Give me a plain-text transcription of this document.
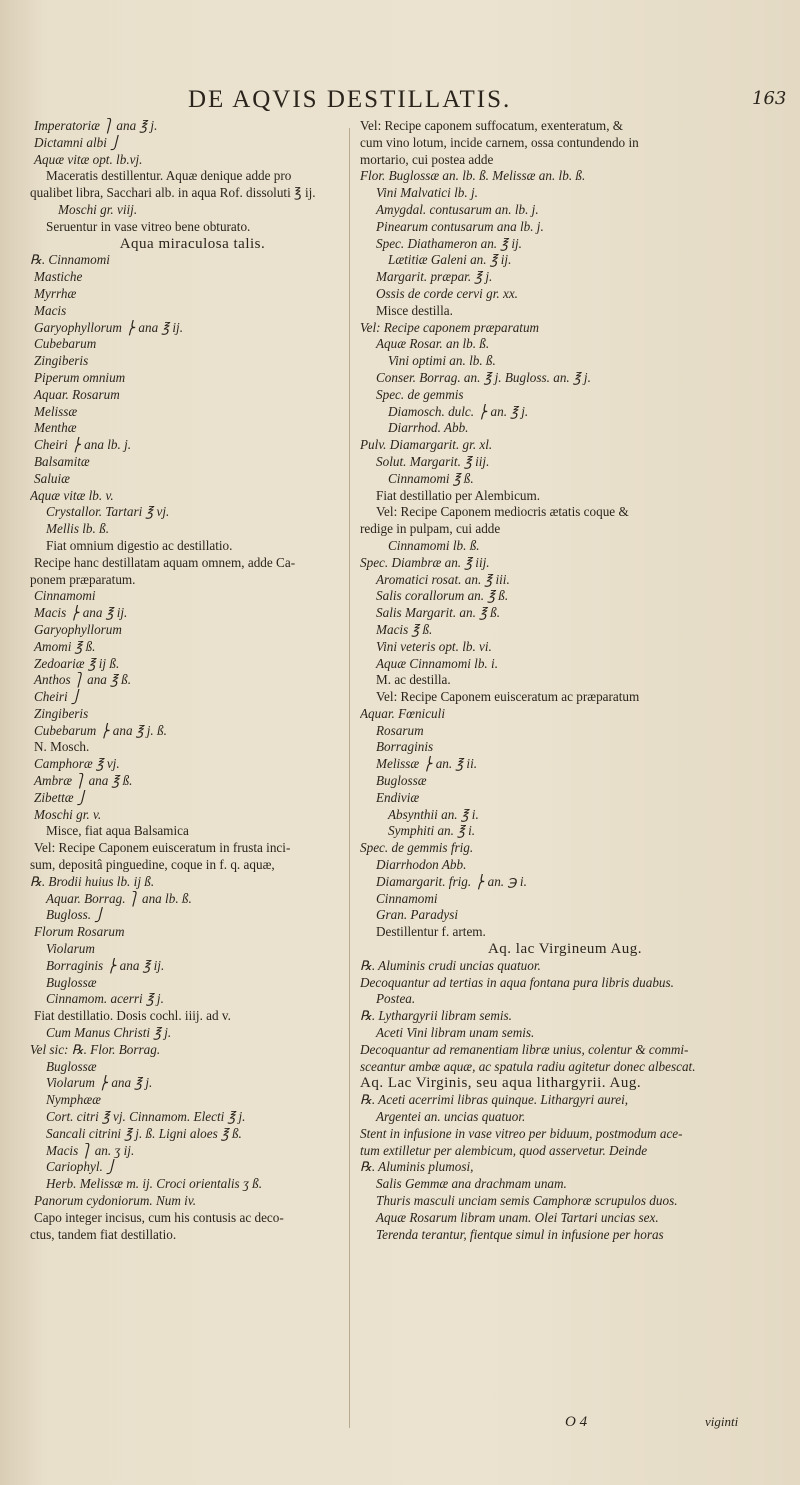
DE AQVIS DESTILLATIS.	163
Imperatoriæ ⎫ ana ℥ j.
Dictamni albi ⎭
Aquæ vitæ opt. lb.vj.
Maceratis destillentur. Aquæ denique adde pro
qualibet libra, Sacchari alb. in aqua Rof. dissoluti ℥ ij.
Moschi gr. viij.
Seruentur in vase vitreo bene obturato.
Aqua miraculosa talis.
℞. Cinnamomi
Mastiche
Myrrhæ
Macis
Garyophyllorum ⎬ ana ℥ ij.
Cubebarum
Zingiberis
Piperum omnium
Aquar. Rosarum
Melissæ
Menthæ
Cheiri ⎬ ana lb. j.
Balsamitæ
Saluiæ
Aquæ vitæ lb. v.
Crystallor. Tartari ℥ vj.
Mellis lb. ß.
Fiat omnium digestio ac destillatio.
Recipe hanc destillatam aquam omnem, adde Ca-
ponem præparatum.
Cinnamomi
Macis ⎬ ana ℥ ij.
Garyophyllorum
Amomi ℥ ß.
Zedoariæ ℥ ij ß.
Anthos ⎫ ana ℥ ß.
Cheiri ⎭
Zingiberis
Cubebarum ⎬ ana ℥ j. ß.
N. Mosch.
Camphoræ ℥ vj.
Ambræ ⎫ ana ℥ ß.
Zibettæ ⎭
Moschi gr. v.
Misce, fiat aqua Balsamica
Vel: Recipe Caponem euisceratum in frusta inci-
sum, depositâ pinguedine, coque in f. q. aquæ,
℞. Brodii huius lb. ij ß.
Aquar. Borrag. ⎫ ana lb. ß.
Bugloss. ⎭
Florum Rosarum
Violarum
Borraginis ⎬ ana ℥ ij.
Buglossæ
Cinnamom. acerri ℥ j.
Fiat destillatio. Dosis cochl. iiij. ad v.
Cum Manus Christi ℥ j.
Vel sic: ℞. Flor. Borrag.
Buglossæ
Violarum ⎬ ana ℥ j.
Nymphææ
Cort. citri ℥ vj. Cinnamom. Electi ℥ j.
Sancali citrini ℥ j. ß. Ligni aloes ℥ ß.
Macis ⎫ an. ʒ ij.
Cariophyl. ⎭
Herb. Melissæ m. ij. Croci orientalis ʒ ß.
Panorum cydoniorum. Num iv.
Capo integer incisus, cum his contusis ac deco-
ctus, tandem fiat destillatio.
Vel: Recipe caponem suffocatum, exenteratum, &
cum vino lotum, incide carnem, ossa contundendo in
mortario, cui postea adde
Flor. Buglossæ an. lb. ß. Melissæ an. lb. ß.
Vini Malvatici lb. j.
Amygdal. contusarum an. lb. j.
Pinearum contusarum ana lb. j.
Spec. Diathameron an. ℥ ij.
Lætitiæ Galeni an. ℥ ij.
Margarit. præpar. ℥ j.
Ossis de corde cervi gr. xx.
Misce destilla.
Vel: Recipe caponem præparatum
Aquæ Rosar. an lb. ß.
Vini optimi an. lb. ß.
Conser. Borrag. an. ℥ j. Bugloss. an. ℥ j.
Spec. de gemmis
Diamosch. dulc. ⎬ an. ℥ j.
Diarrhod. Abb.
Pulv. Diamargarit. gr. xl.
Solut. Margarit. ℥ iij.
Cinnamomi ℥ ß.
Fiat destillatio per Alembicum.
Vel: Recipe Caponem mediocris ætatis coque &
redige in pulpam, cui adde
Cinnamomi lb. ß.
Spec. Diambræ an. ℥ iij.
Aromatici rosat. an. ℥ iii.
Salis corallorum an. ℥ ß.
Salis Margarit. an. ℥ ß.
Macis ℥ ß.
Vini veteris opt. lb. vi.
Aquæ Cinnamomi lb. i.
M. ac destilla.
Vel: Recipe Caponem euisceratum ac præparatum
Aquar. Fœniculi
Rosarum
Borraginis
Melissæ ⎬ an. ℥ ii.
Buglossæ
Endiviæ
Absynthii an. ℥ i.
Symphiti an. ℥ i.
Spec. de gemmis frig.
Diarrhodon Abb.
Diamargarit. frig. ⎬ an. ℈ i.
Cinnamomi
Gran. Paradysi
Destillentur f. artem.
Aq. lac Virgineum Aug.
℞. Aluminis crudi uncias quatuor.
Decoquantur ad tertias in aqua fontana pura libris duabus.
Postea.
℞. Lythargyrii libram semis.
Aceti Vini libram unam semis.
Decoquantur ad remanentiam libræ unius, colentur & commi-
sceantur ambæ aquæ, ac spatula radiu agitetur donec albescat.
Aq. Lac Virginis, seu aqua lithargyrii. Aug.
℞. Aceti acerrimi libras quinque. Lithargyri aurei,
Argentei an. uncias quatuor.
Stent in infusione in vase vitreo per biduum, postmodum ace-
tum extilletur per alembicum, quod asservetur. Deinde
℞. Aluminis plumosi,
Salis Gemmæ ana drachmam unam.
Thuris masculi unciam semis Camphoræ scrupulos duos.
Aquæ Rosarum libram unam. Olei Tartari uncias sex.
Terenda terantur, fientque simul in infusione per horas
O 4	viginti
